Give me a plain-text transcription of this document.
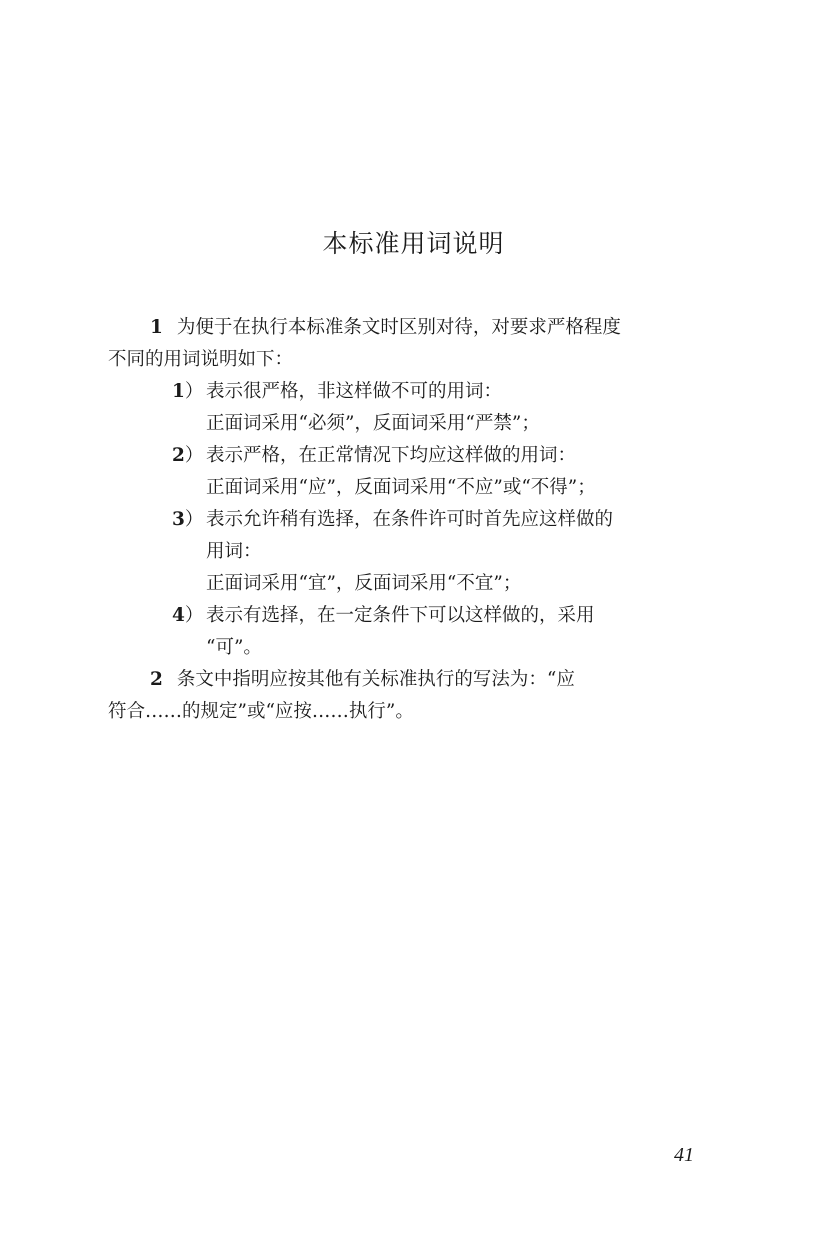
本标准用词说明

1 为便于在执行本标准条文时区别对待，对要求严格程度

不同的用词说明如下：

1） 表示很严格，非这样做不可的用词：

正面词采用“必须”，反面词采用“严禁”；

2） 表示严格，在正常情况下均应这样做的用词：

正面词采用“应”，反面词采用“不应”或“不得”；

3） 表示允许稍有选择，在条件许可时首先应这样做的

用词：

正面词采用“宜”，反面词采用“不宜”；

4） 表示有选择，在一定条件下可以这样做的，采用

“可”。

2 条文中指明应按其他有关标准执行的写法为：“应

符合……的规定”或“应按……执行”。

41
